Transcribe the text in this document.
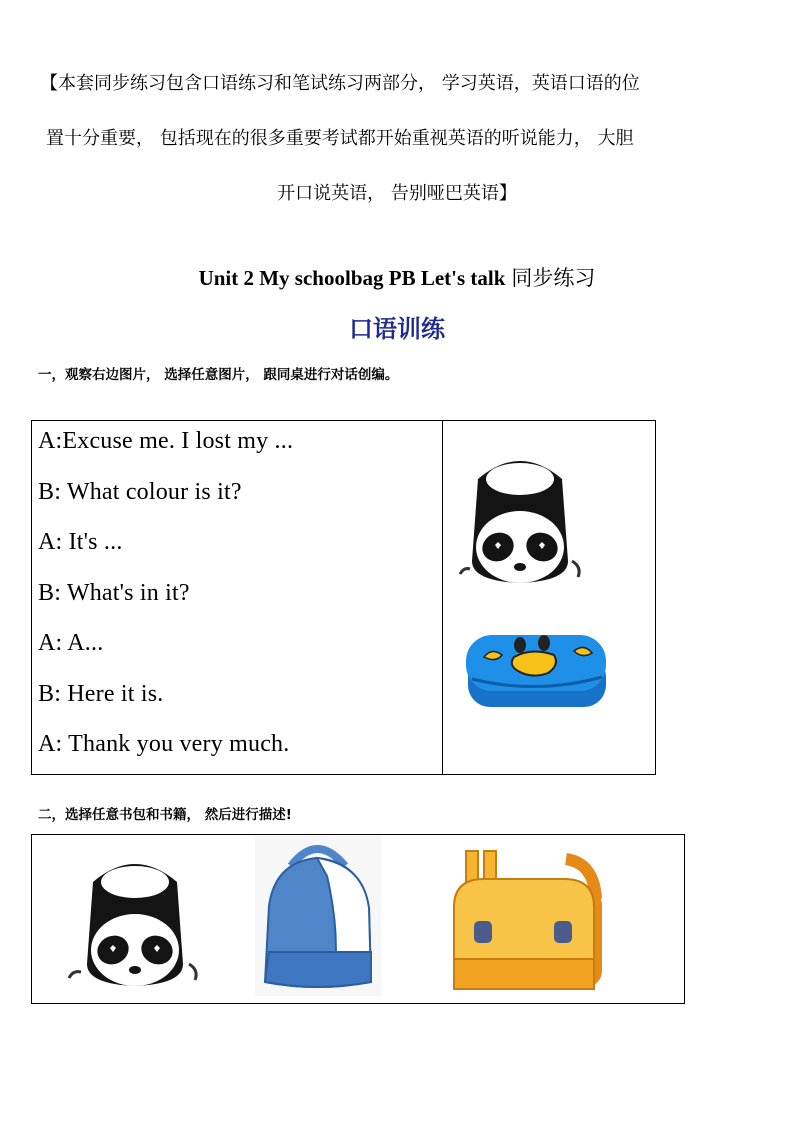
【本套同步练习包含口语练习和笔试练习两部分， 学习英语，英语口语的位
置十分重要， 包括现在的很多重要考试都开始重视英语的听说能力， 大胆
开口说英语， 告别哑巴英语】
Unit 2 My schoolbag PB Let's talk 同步练习
口语训练
一，观察右边图片， 选择任意图片， 跟同桌进行对话创编。
A:Excuse me. I lost my ...
B: What colour is it?
A: It's ...
B: What's in it?
A: A...
B: Here it is.
A: Thank you very much.
二，选择任意书包和书籍， 然后进行描述!
